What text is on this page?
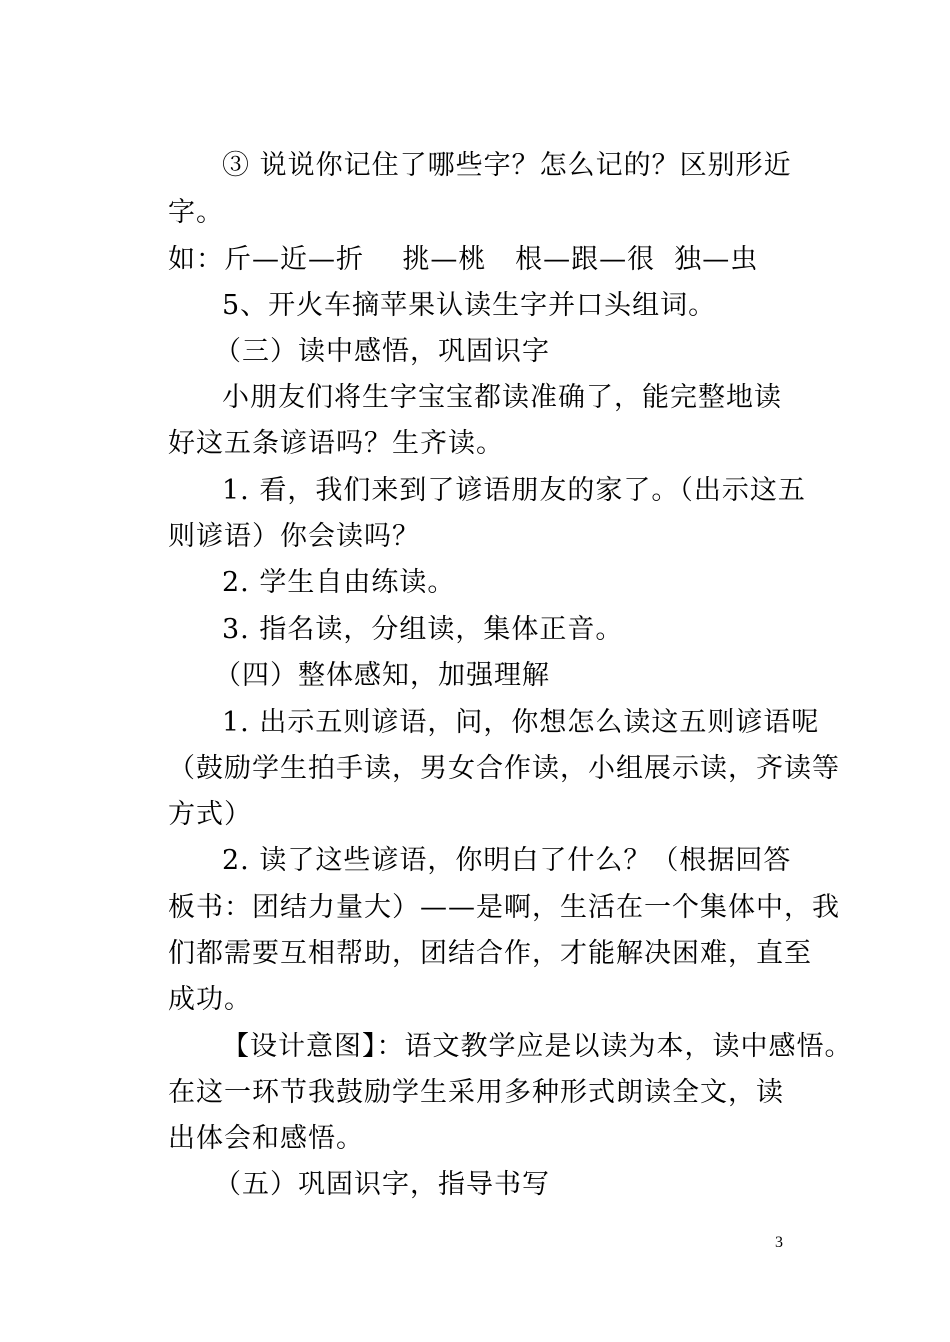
③ 说说你记住了哪些字？怎么记的？区别形近
字。
如：斤—近—折    挑—桃   根—跟—很  独—虫
5、开火车摘苹果认读生字并口头组词。
（三）读中感悟，巩固识字
小朋友们将生字宝宝都读准确了，能完整地读
好这五条谚语吗？生齐读。
1. 看，我们来到了谚语朋友的家了。（出示这五
则谚语）你会读吗？
2. 学生自由练读。
3. 指名读，分组读，集体正音。
（四）整体感知，加强理解
1. 出示五则谚语，问，你想怎么读这五则谚语呢
（鼓励学生拍手读，男女合作读，小组展示读，齐读等
方式）
2. 读了这些谚语，你明白了什么？（根据回答
板书：团结力量大）——是啊，生活在一个集体中，我
们都需要互相帮助，团结合作，才能解决困难，直至
成功。
【设计意图】：语文教学应是以读为本，读中感悟。
在这一环节我鼓励学生采用多种形式朗读全文，读
出体会和感悟。
（五）巩固识字，指导书写
3
